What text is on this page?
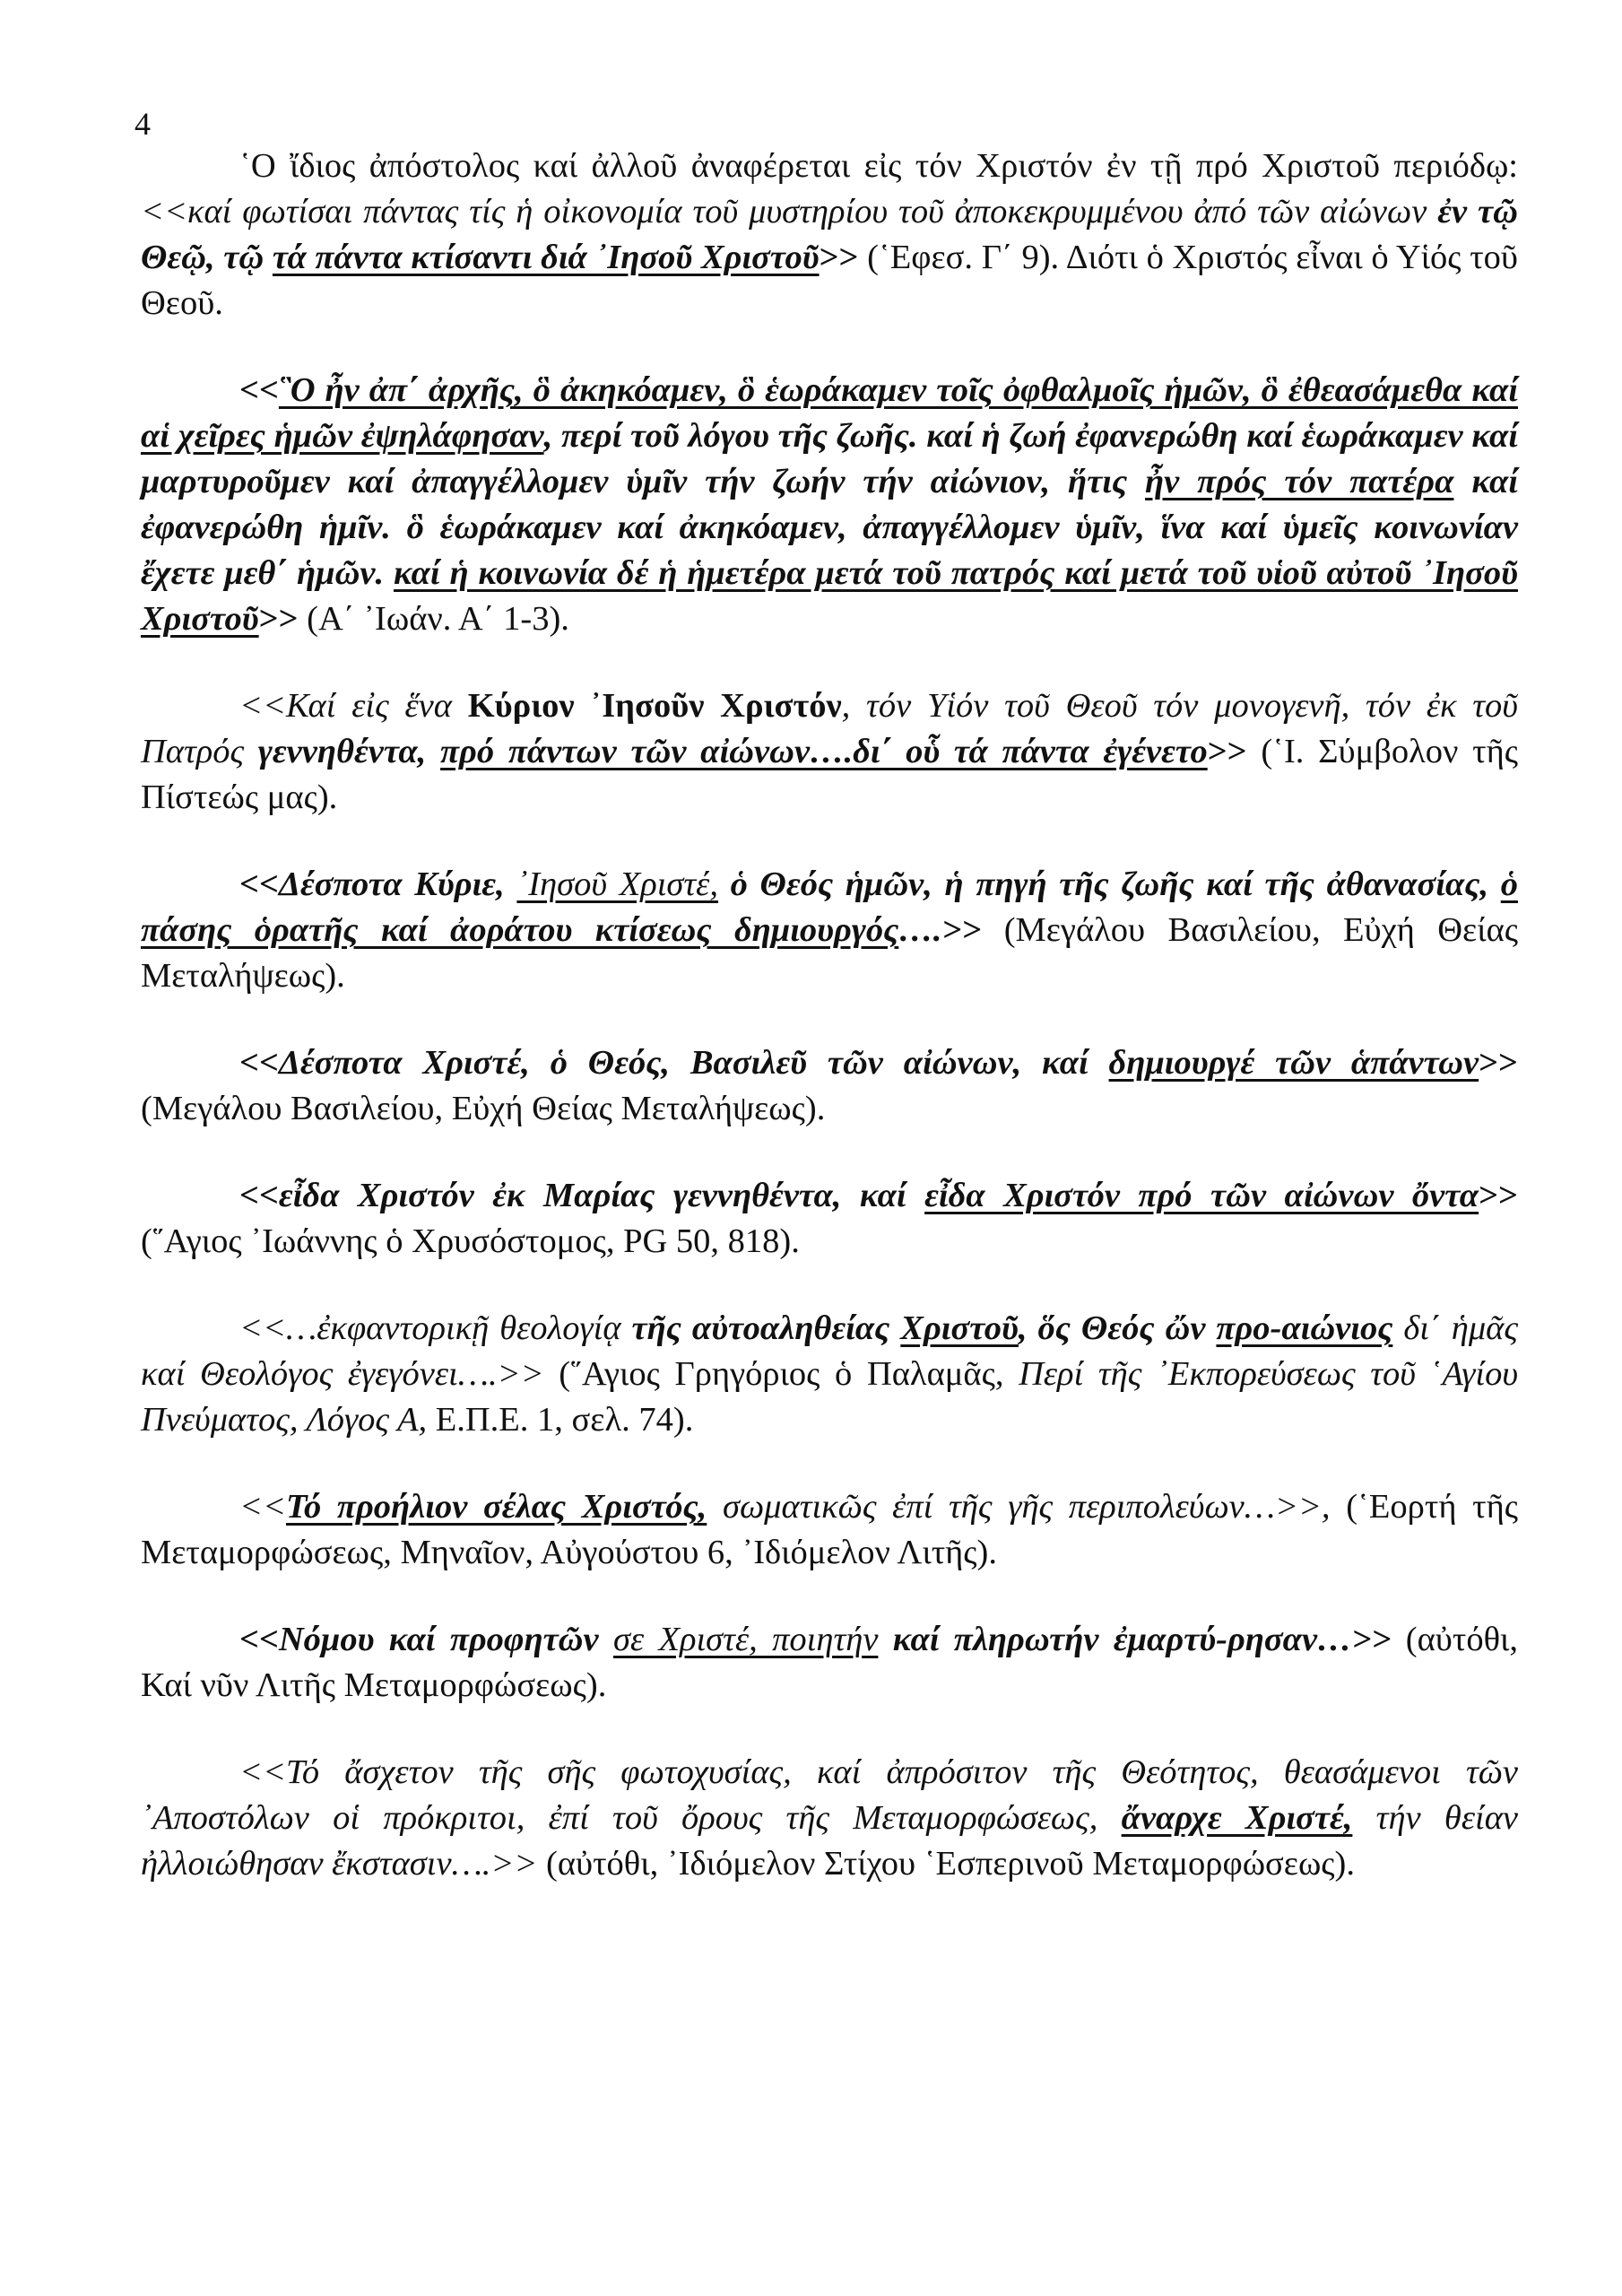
4

῾Ο ἴδιος ἀπόστολος καί ἀλλοῦ ἀναφέρεται εἰς τόν Χριστόν ἐν τῇ πρό Χριστοῦ περιόδῳ: <<καί φωτίσαι πάντας τίς ἡ οἰκονομία τοῦ μυστηρίου τοῦ ἀποκεκρυμμένου ἀπό τῶν αἰώνων ἐν τῷ Θεῷ, τῷ τά πάντα κτίσαντι διά ᾿Ιησοῦ Χριστοῦ>> (῾Εφεσ. Γ΄ 9). Διότι ὁ Χριστός εἶναι ὁ Υἱός τοῦ Θεοῦ.

<<῝Ο ἦν ἀπ΄ ἀρχῆς, ὃ ἀκηκόαμεν, ὃ ἑωράκαμεν τοῖς ὀφθαλμοῖς ἡμῶν, ὃ ἐθεασάμεθα καί αἱ χεῖρες ἡμῶν ἐψηλάφησαν, περί τοῦ λόγου τῆς ζωῆς. καί ἡ ζωή ἐφανερώθη καί ἑωράκαμεν καί μαρτυροῦμεν καί ἀπαγγέλλομεν ὑμῖν τήν ζωήν τήν αἰώνιον, ἥτις ἦν πρός τόν πατέρα καί ἐφανερώθη ἡμῖν. ὃ ἑωράκαμεν καί ἀκηκόαμεν, ἀπαγγέλλομεν ὑμῖν, ἵνα καί ὑμεῖς κοινωνίαν ἔχετε μεθ΄ ἡμῶν. καί ἡ κοινωνία δέ ἡ ἡμετέρα μετά τοῦ πατρός καί μετά τοῦ υἱοῦ αὐτοῦ ᾿Ιησοῦ Χριστοῦ>> (Α΄ ᾿Ιωάν. Α΄ 1-3).

<<Καί εἰς ἕνα Κύριον ᾿Ιησοῦν Χριστόν, τόν Υἱόν τοῦ Θεοῦ τόν μονογενῆ, τόν ἐκ τοῦ Πατρός γεννηθέντα, πρό πάντων τῶν αἰώνων….δι΄ οὗ τά πάντα ἐγένετο>> (῾Ι. Σύμβολον τῆς Πίστεώς μας).

<<Δέσποτα Κύριε, ᾿Ιησοῦ Χριστέ, ὁ Θεός ἡμῶν, ἡ πηγή τῆς ζωῆς καί τῆς ἀθανασίας, ὁ πάσης ὁρατῆς καί ἀοράτου κτίσεως δημιουργός….>> (Μεγάλου Βασιλείου, Εὐχή Θείας Μεταλήψεως).

<<Δέσποτα Χριστέ, ὁ Θεός, Βασιλεῦ τῶν αἰώνων, καί δημιουργέ τῶν ἁπάντων>> (Μεγάλου Βασιλείου, Εὐχή Θείας Μεταλήψεως).

<<εἶδα Χριστόν ἐκ Μαρίας γεννηθέντα, καί εἶδα Χριστόν πρό τῶν αἰώνων ὄντα>> (῞Αγιος ᾿Ιωάννης ὁ Χρυσόστομος, PG 50, 818).

<<…ἐκφαντορικῇ θεολογίᾳ τῆς αὐτοαληθείας Χριστοῦ, ὅς Θεός ὤν προ-αιώνιος δι΄ ἡμᾶς καί Θεολόγος ἐγεγόνει….>> (῞Αγιος Γρηγόριος ὁ Παλαμᾶς, Περί τῆς ᾿Εκπορεύσεως τοῦ ῾Αγίου Πνεύματος, Λόγος Α, Ε.Π.Ε. 1, σελ. 74).

<<Τό προήλιον σέλας Χριστός, σωματικῶς ἐπί τῆς γῆς περιπολεύων…>>, (῾Εορτή τῆς Μεταμορφώσεως, Μηναῖον, Αὐγούστου 6, ᾿Ιδιόμελον Λιτῆς).

<<Νόμου καί προφητῶν σε Χριστέ, ποιητήν καί πληρωτήν ἐμαρτύ-ρησαν…>> (αὐτόθι, Καί νῦν Λιτῆς Μεταμορφώσεως).

<<Τό ἄσχετον τῆς σῆς φωτοχυσίας, καί ἀπρόσιτον τῆς Θεότητος, θεασάμενοι τῶν ᾿Αποστόλων οἱ πρόκριτοι, ἐπί τοῦ ὄρους τῆς Μεταμορφώσεως, ἄναρχε Χριστέ, τήν θείαν ἠλλοιώθησαν ἔκστασιν….>> (αὐτόθι, ᾿Ιδιόμελον Στίχου ῾Εσπερινοῦ Μεταμορφώσεως).
